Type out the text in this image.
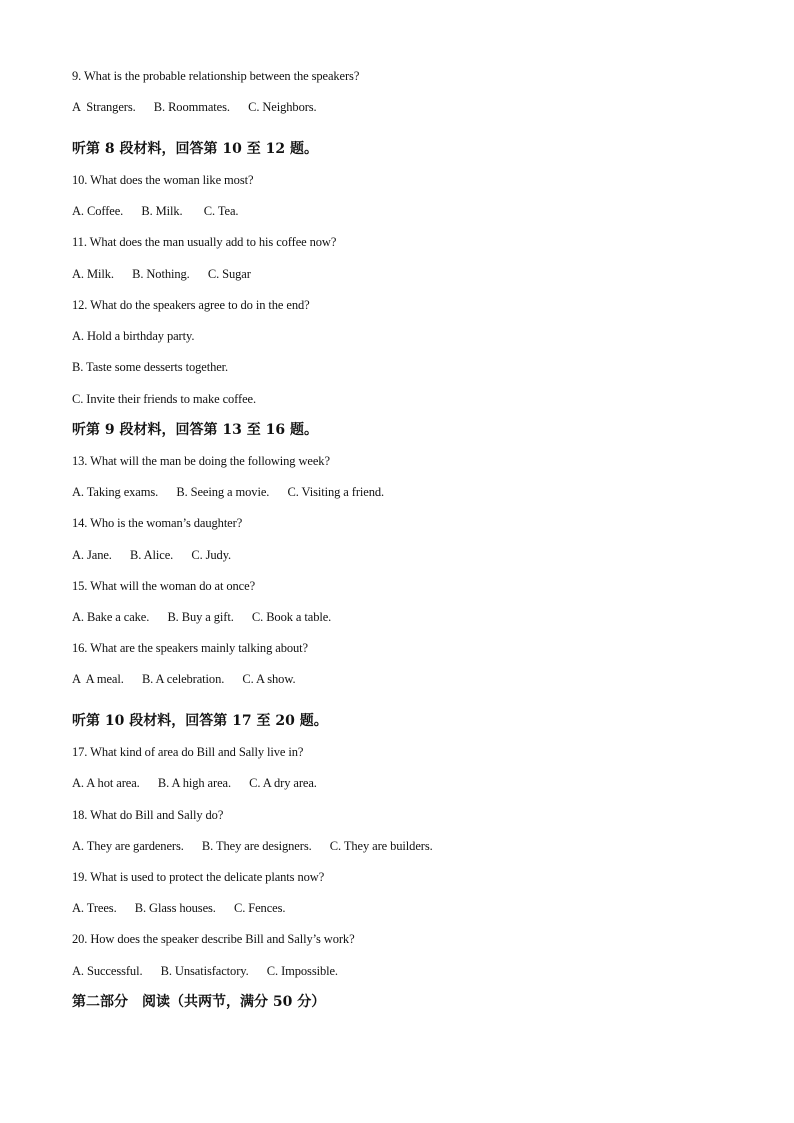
9. What is the probable relationship between the speakers?
A  Strangers. B. Roommates. C. Neighbors.
听第 8 段材料，回答第 10 至 12 题。
10. What does the woman like most?
A. Coffee. B. Milk. C. Tea.
11. What does the man usually add to his coffee now?
A. Milk. B. Nothing. C. Sugar
12. What do the speakers agree to do in the end?
A. Hold a birthday party.
B. Taste some desserts together.
C. Invite their friends to make coffee.
听第 9 段材料，回答第 13 至 16 题。
13. What will the man be doing the following week?
A. Taking exams. B. Seeing a movie. C. Visiting a friend.
14. Who is the woman’s daughter?
A. Jane. B. Alice. C. Judy.
15. What will the woman do at once?
A. Bake a cake. B. Buy a gift. C. Book a table.
16. What are the speakers mainly talking about?
A  A meal. B. A celebration. C. A show.
听第 10 段材料，回答第 17 至 20 题。
17. What kind of area do Bill and Sally live in?
A. A hot area. B. A high area. C. A dry area.
18. What do Bill and Sally do?
A. They are gardeners. B. They are designers. C. They are builders.
19. What is used to protect the delicate plants now?
A. Trees. B. Glass houses. C. Fences.
20. How does the speaker describe Bill and Sally’s work?
A. Successful. B. Unsatisfactory. C. Impossible.
第二部分　阅读（共两节，满分 50 分）
